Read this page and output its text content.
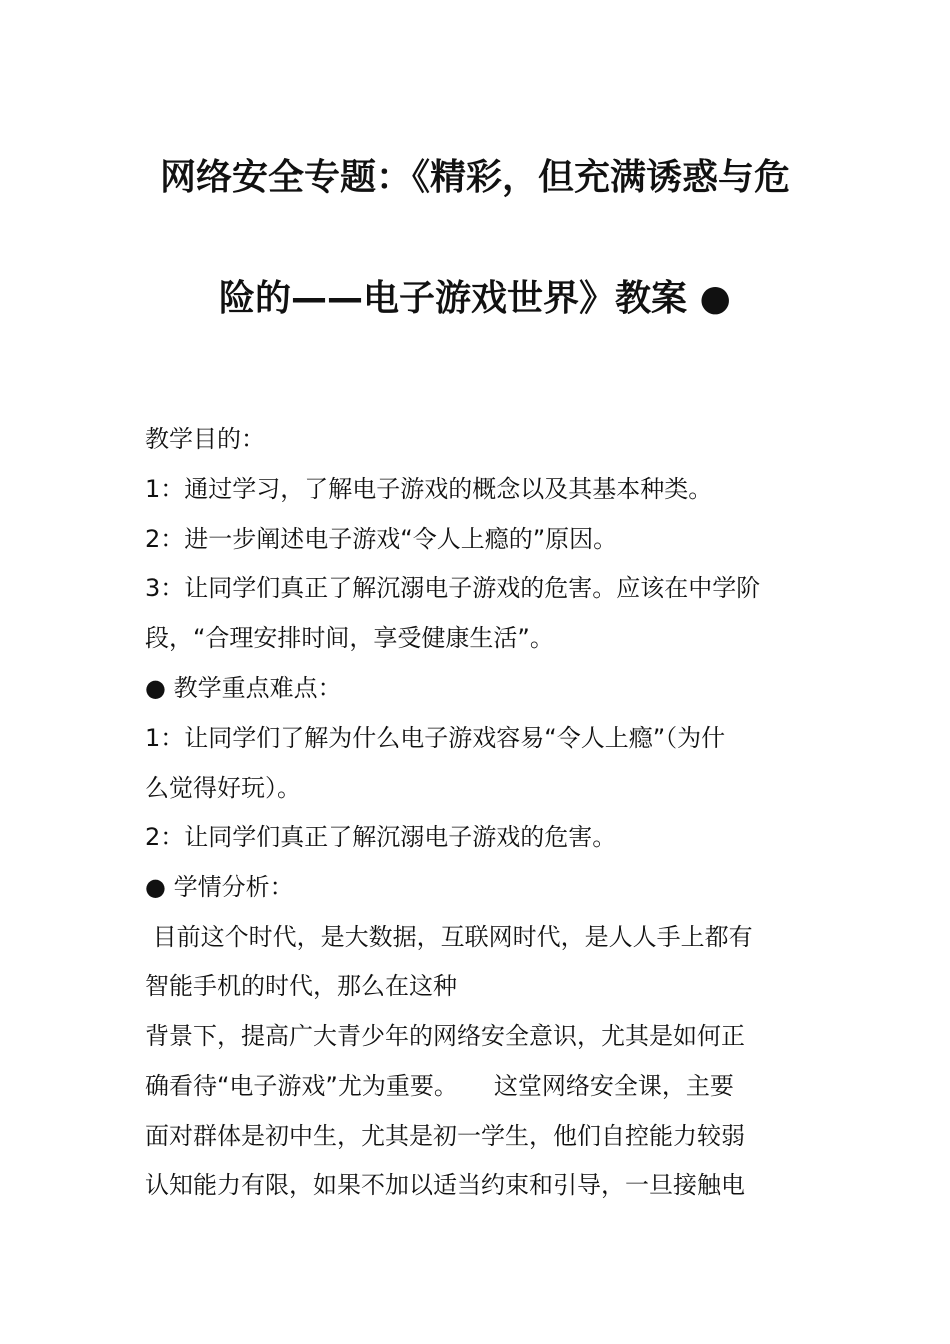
网络安全专题：《精彩，但充满诱惑与危
险的——电子游戏世界》教案 ●
教学目的：
1：通过学习，了解电子游戏的概念以及其基本种类。
2：进一步阐述电子游戏“令人上瘾的”原因。
3：让同学们真正了解沉溺电子游戏的危害。应该在中学阶
段，“合理安排时间，享受健康生活”。
● 教学重点难点：
1：让同学们了解为什么电子游戏容易“令人上瘾”（为什
么觉得好玩）。
2：让同学们真正了解沉溺电子游戏的危害。
● 学情分析：
目前这个时代，是大数据，互联网时代，是人人手上都有
智能手机的时代，那么在这种
背景下，提高广大青少年的网络安全意识，尤其是如何正
确看待“电子游戏”尤为重要。　　这堂网络安全课，主要
面对群体是初中生，尤其是初一学生，他们自控能力较弱
认知能力有限，如果不加以适当约束和引导，一旦接触电
